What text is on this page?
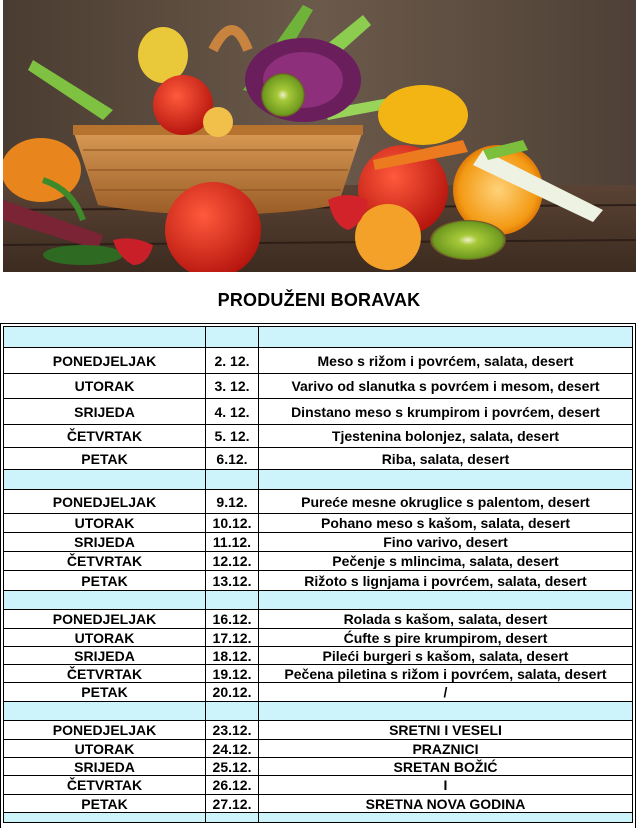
PRODUŽENI BORAVAK

PONEDJELJAK	2. 12.	Meso s rižom i povrćem, salata, desert
UTORAK	3. 12.	Varivo od slanutka s povrćem i mesom, desert
SRIJEDA	4. 12.	Dinstano meso s krumpirom i povrćem, desert
ČETVRTAK	5. 12.	Tjestenina bolonjez, salata, desert
PETAK	6.12.	Riba, salata, desert

PONEDJELJAK	9.12.	Pureće mesne okruglice s palentom, desert
UTORAK	10.12.	Pohano meso s kašom, salata, desert
SRIJEDA	11.12.	Fino varivo, desert
ČETVRTAK	12.12.	Pečenje s mlincima, salata, desert
PETAK	13.12.	Rižoto s lignjama i povrćem, salata, desert

PONEDJELJAK	16.12.	Rolada s kašom, salata, desert
UTORAK	17.12.	Ćufte s pire krumpirom, desert
SRIJEDA	18.12.	Pileći burgeri s kašom, salata, desert
ČETVRTAK	19.12.	Pečena piletina s rižom i povrćem, salata, desert
PETAK	20.12.	/

PONEDJELJAK	23.12.	SRETNI I VESELI
UTORAK	24.12.	PRAZNICI
SRIJEDA	25.12.	SRETAN BOŽIĆ
ČETVRTAK	26.12.	I
PETAK	27.12.	SRETNA NOVA GODINA
